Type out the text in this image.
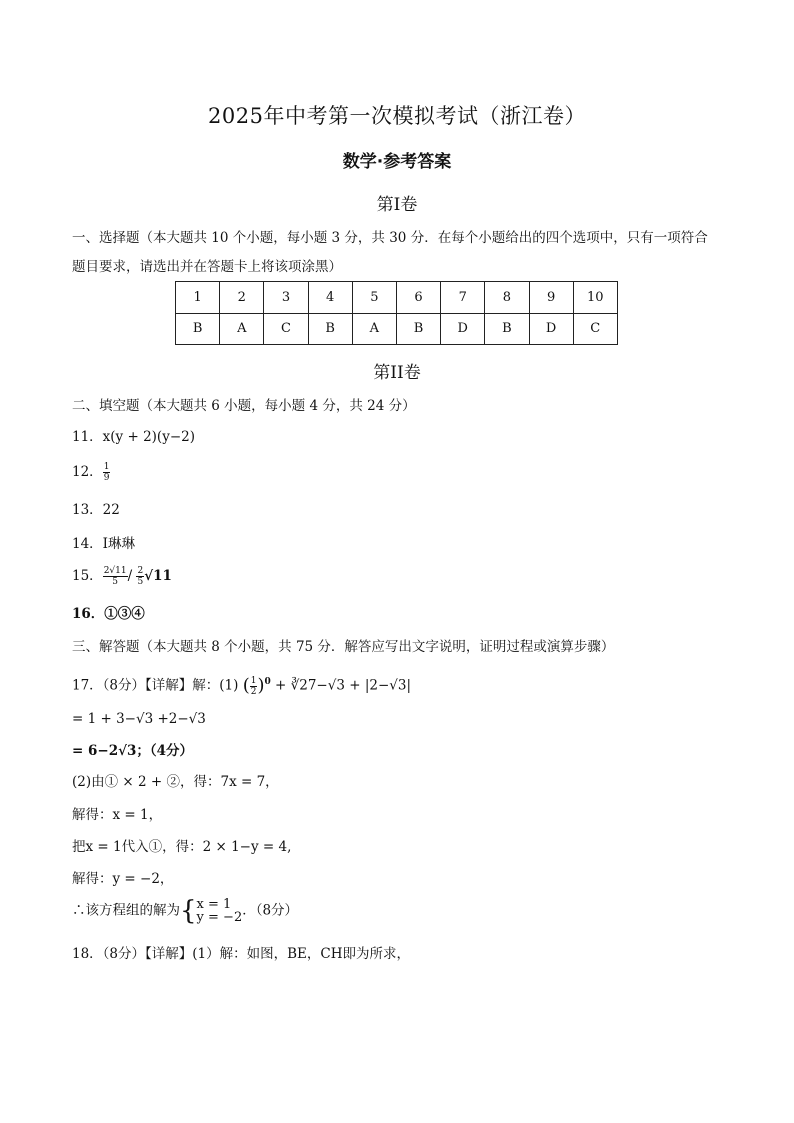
2025年中考第一次模拟考试（浙江卷）
数学·参考答案
第Ⅰ卷
一、选择题（本大题共 10 个小题，每小题 3 分，共 30 分．在每个小题给出的四个选项中，只有一项符合
题目要求，请选出并在答题卡上将该项涂黑）
1	2	3	4	5	6	7	8	9	10
B	A	C	B	A	B	D	B	D	C
第II卷
二、填空题（本大题共 6 小题，每小题 4 分，共 24 分）
11．x(y + 2)(y−2)
12． $\frac{1}{9}$
13．22
14．I琳琳
15． $\frac{2√11}{5} / \frac{2}{5} √11$
16．①③④
三、解答题（本大题共 8 个小题，共 75 分．解答应写出文字说明，证明过程或演算步骤）
17．（8分）【详解】解：(1) ( $\frac{1}{2} )^0$ + ∛27−√3 + |2−√3|
= 1 + 3−√3 +2−√3
= 6−2√3；（4分）
(2)由① × 2 + ②，得：7x = 7，
解得：x = 1，
把x = 1代入①，得：2 × 1−y = 4,
解得：y = −2，
∴该方程组的解为{ x = 1
y = −2 ．（8分）
18．（8分）【详解】(1）解：如图，BE，CH即为所求，
